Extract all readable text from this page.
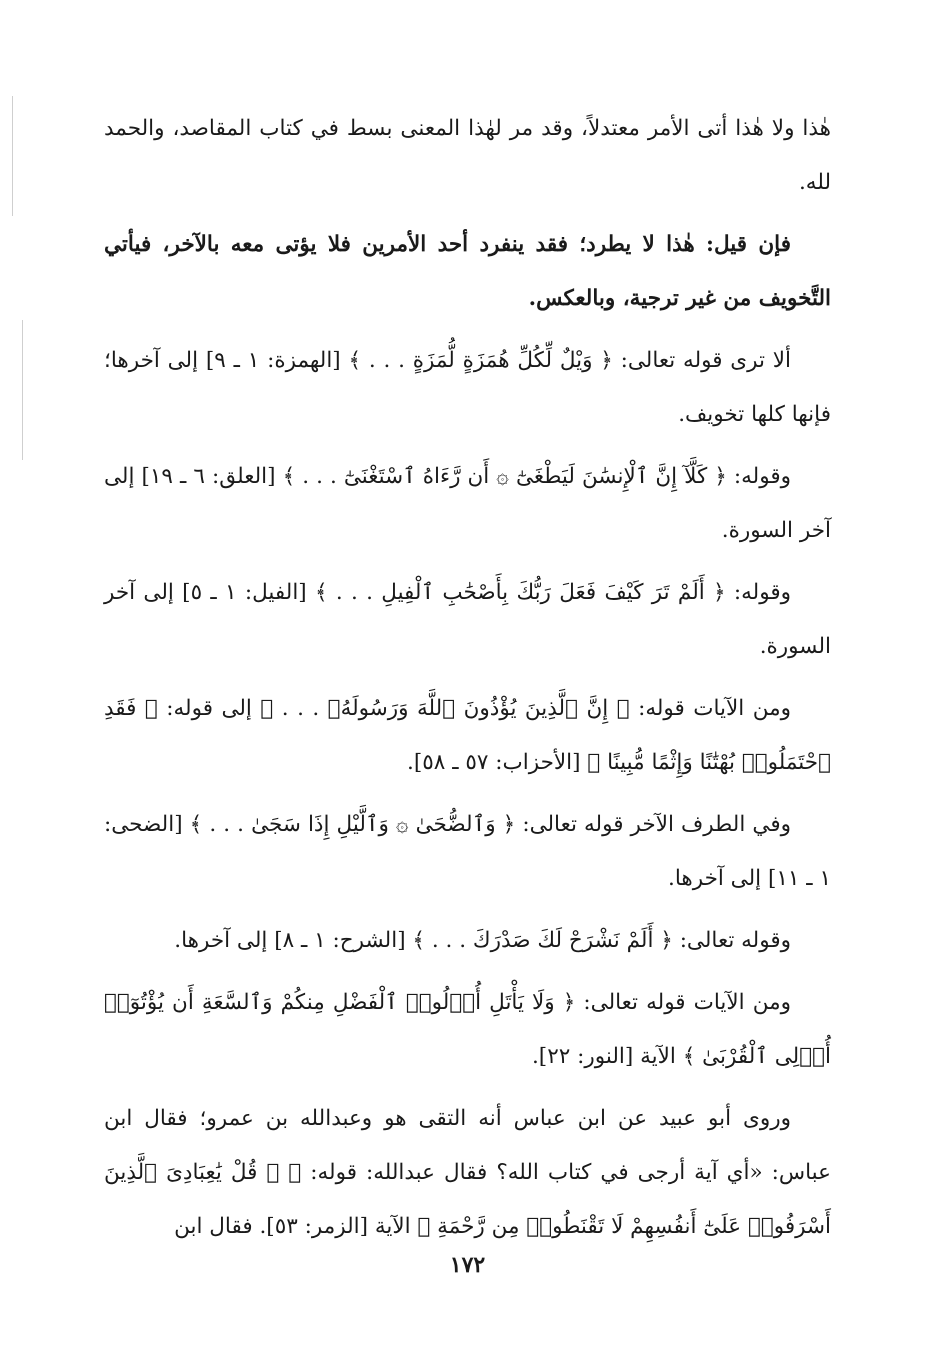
هٰذا ولا هٰذا أتى الأمر معتدلاً، وقد مر لهٰذا المعنى بسط في كتاب المقاصد، والحمد لله.

فإن قيل: هٰذا لا يطرد؛ فقد ينفرد أحد الأمرين فلا يؤتى معه بالآخر، فيأتي التَّخويف من غير ترجية، وبالعكس.

ألا ترى قوله تعالى: ﴿ وَيْلٌ لِّكُلِّ هُمَزَةٍ لُّمَزَةٍ . . . ﴾ [الهمزة: ١ ـ ٩] إلى آخرها؛ فإنها كلها تخويف.

وقوله: ﴿ كَلَّآ إِنَّ ٱلْإِنسَٰنَ لَيَطْغَىٰٓ ۞ أَن رَّءَاهُ ٱسْتَغْنَىٰٓ . . . ﴾ [العلق: ٦ ـ ١٩] إلى آخر السورة.

وقوله: ﴿ أَلَمْ تَرَ كَيْفَ فَعَلَ رَبُّكَ بِأَصْحَٰبِ ٱلْفِيلِ . . . ﴾ [الفيل: ١ ـ ٥] إلى آخر السورة.

ومن الآيات قوله: ﴿ إِنَّ ٱلَّذِينَ يُؤْذُونَ ٱللَّهَ وَرَسُولَهُۥ . . . ﴾ إلى قوله: ﴿ فَقَدِ ٱحْتَمَلُوا۟ بُهْتَٰنًا وَإِثْمًا مُّبِينًا ﴾ [الأحزاب: ٥٧ ـ ٥٨].

وفي الطرف الآخر قوله تعالى: ﴿ وَٱلضُّحَىٰ ۞ وَٱلَّيْلِ إِذَا سَجَىٰ . . . ﴾ [الضحى: ١ ـ ١١] إلى آخرها.

وقوله تعالى: ﴿ أَلَمْ نَشْرَحْ لَكَ صَدْرَكَ . . . ﴾ [الشرح: ١ ـ ٨] إلى آخرها.

ومن الآيات قوله تعالى: ﴿ وَلَا يَأْتَلِ أُو۟لُوا۟ ٱلْفَضْلِ مِنكُمْ وَٱلسَّعَةِ أَن يُؤْتُوٓا۟ أُو۟لِى ٱلْقُرْبَىٰ ﴾ الآية [النور: ٢٢].

وروى أبو عبيد عن ابن عباس أنه التقى هو وعبدالله بن عمرو؛ فقال ابن عباس: «أي آية أرجى في كتاب الله؟ فقال عبدالله: قوله: ﴿ ۞ قُلْ يَٰعِبَادِىَ ٱلَّذِينَ أَسْرَفُوا۟ عَلَىٰٓ أَنفُسِهِمْ لَا تَقْنَطُوا۟ مِن رَّحْمَةِ ﴾ الآية [الزمر: ٥٣]. فقال ابن

١٧٢
